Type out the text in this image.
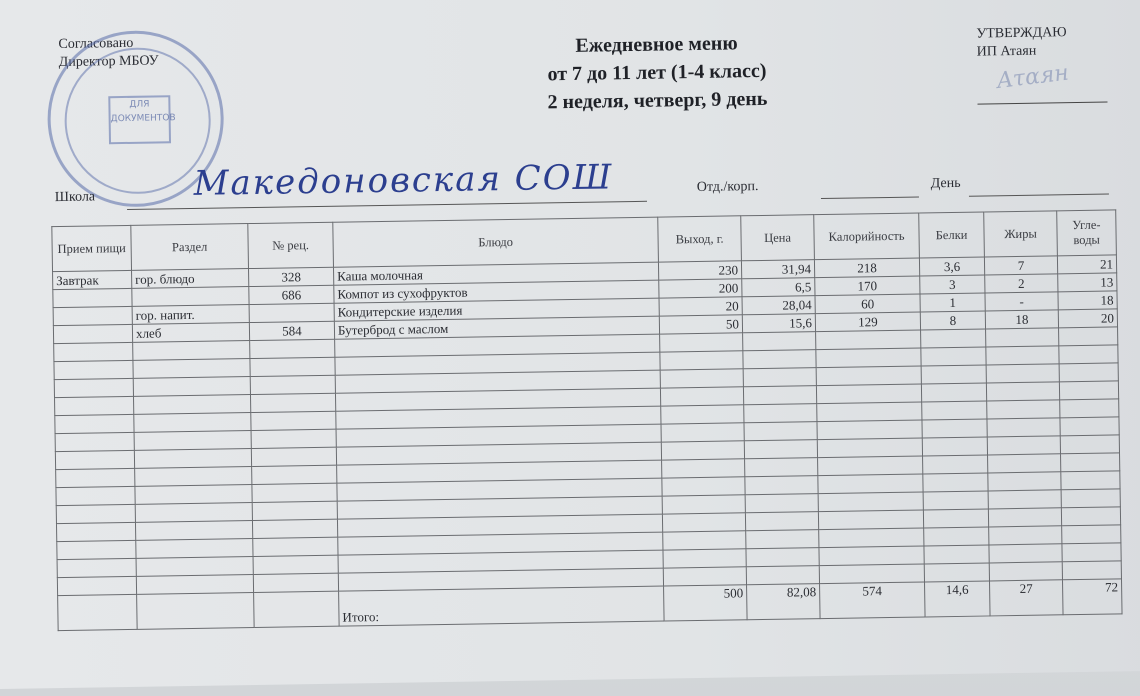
Согласовано
Директор МБОУ
ДЛЯ
ДОКУМЕНТОВ
Ежедневное меню
от 7 до 11 лет (1-4 класс)
2 неделя, четверг, 9 день
УТВЕРЖДАЮ
ИП Атаян
Αταян
Школа	Македоновская СОШ	Отд./корп.	День
Прием пищи	Раздел	№ рец.	Блюдо	Выход, г.	Цена	Калорийность	Белки	Жиры	Угле-воды
Завтрак	гор. блюдо	328	Каша молочная	230	31,94	218	3,6	7	21
		686	Компот из сухофруктов	200	6,5	170	3	2	13
	гор. напит.		Кондитерские изделия	20	28,04	60	1	-	18
	хлеб	584	Бутерброд с маслом	50	15,6	129	8	18	20

			Итого:	500	82,08	574	14,6	27	72
